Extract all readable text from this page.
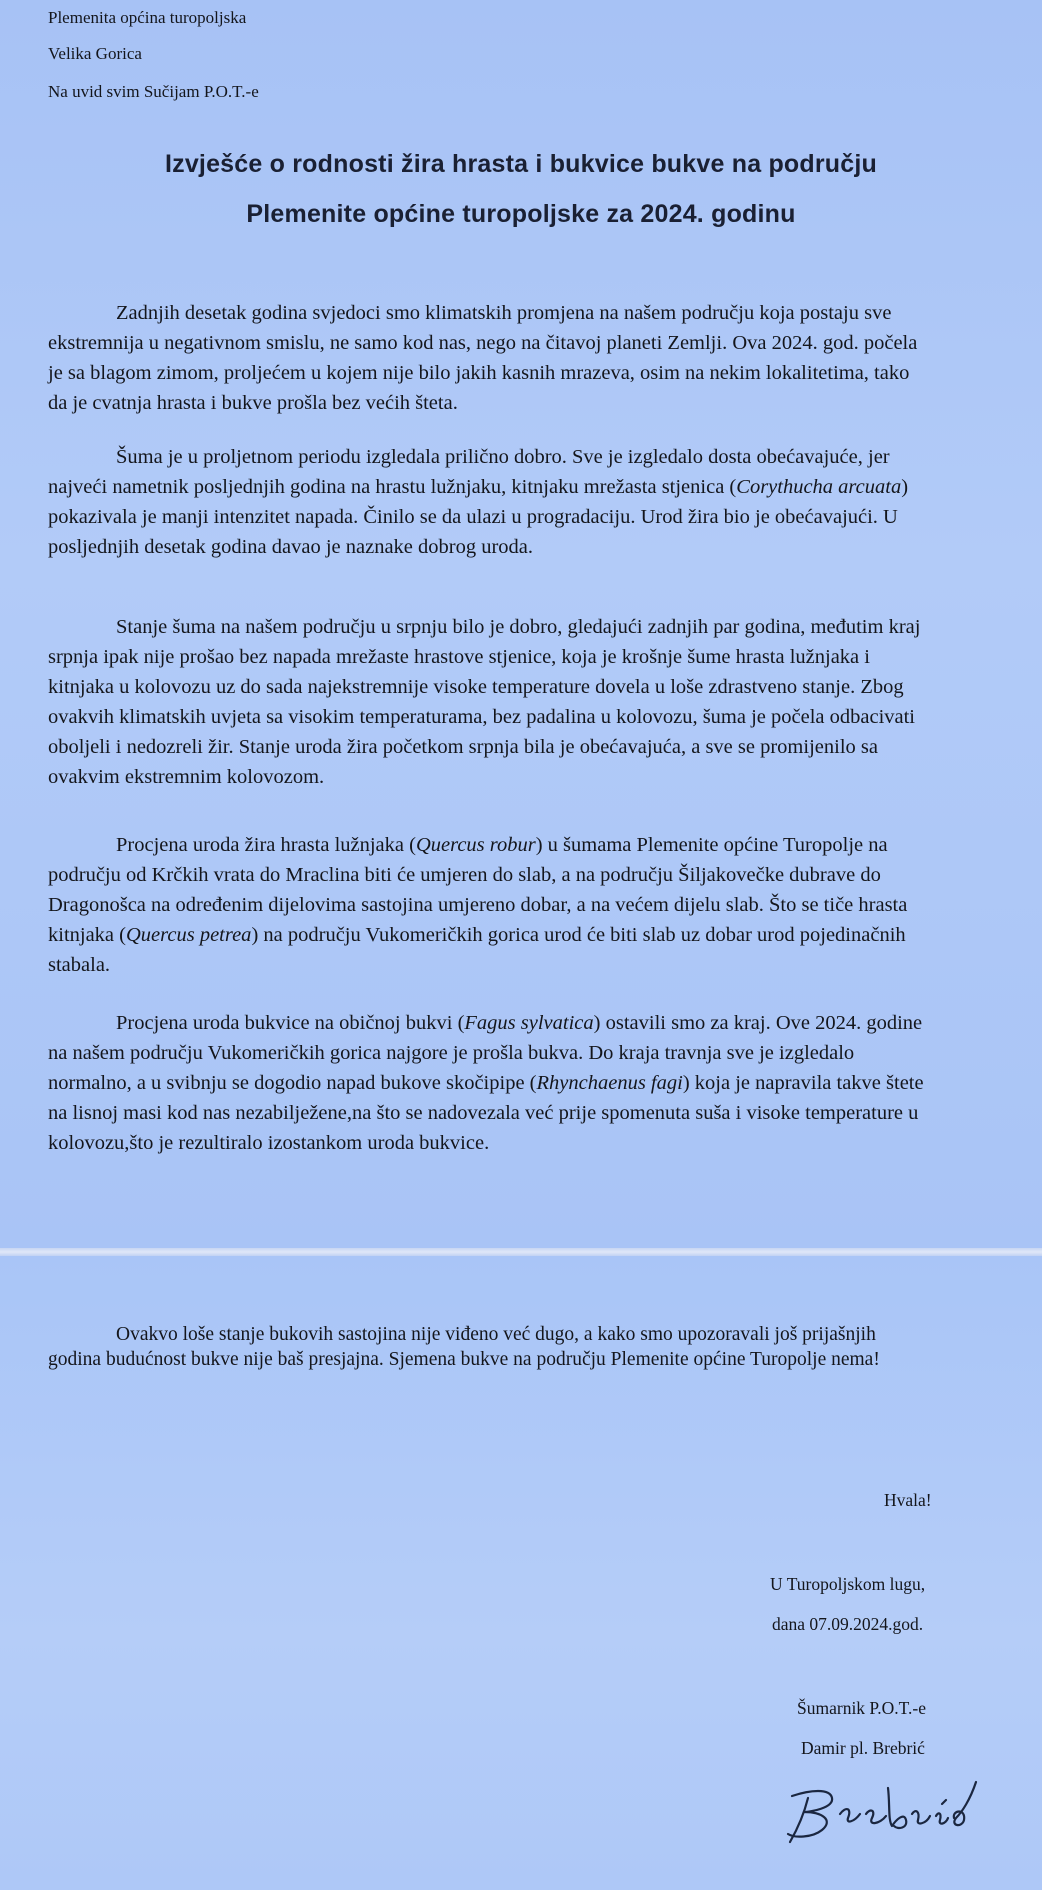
Plemenita općina turopoljska

Velika Gorica

Na uvid svim Sučijam P.O.T.-e

Izvješće o rodnosti žira hrasta i bukvice bukve na području

Plemenite općine turopoljske za 2024. godinu

Zadnjih desetak godina svjedoci smo klimatskih promjena na našem području koja postaju sve ekstremnija u negativnom smislu, ne samo kod nas, nego na čitavoj planeti Zemlji. Ova 2024. god. počela je sa blagom zimom, proljećem u kojem nije bilo jakih kasnih mrazeva, osim na nekim lokalitetima, tako da je cvatnja hrasta i bukve prošla bez većih šteta.

Šuma je u proljetnom periodu izgledala prilično dobro. Sve je izgledalo dosta obećavajuće, jer najveći nametnik posljednjih godina na hrastu lužnjaku, kitnjaku mrežasta stjenica (Corythucha arcuata) pokazivala je manji intenzitet napada. Činilo se da ulazi u progradaciju. Urod žira bio je obećavajući. U posljednjih desetak godina davao je naznake dobrog uroda.

Stanje šuma na našem području u srpnju bilo je dobro, gledajući zadnjih par godina, međutim kraj srpnja ipak nije prošao bez napada mrežaste hrastove stjenice, koja je krošnje šume hrasta lužnjaka i kitnjaka u kolovozu uz do sada najekstremnije visoke temperature dovela u loše zdrastveno stanje. Zbog ovakvih klimatskih uvjeta sa visokim temperaturama, bez padalina u kolovozu, šuma je počela odbacivati oboljeli i nedozreli žir. Stanje uroda žira početkom srpnja bila je obećavajuća, a sve se promijenilo sa ovakvim ekstremnim kolovozom.

Procjena uroda žira hrasta lužnjaka (Quercus robur) u šumama Plemenite općine Turopolje na području od Krčkih vrata do Mraclina biti će umjeren do slab, a na području Šiljakovečke dubrave do Dragonošca na određenim dijelovima sastojina umjereno dobar, a na većem dijelu slab. Što se tiče hrasta kitnjaka (Quercus petrea) na području Vukomeričkih gorica urod će biti slab uz dobar urod pojedinačnih stabala.

Procjena uroda bukvice na običnoj bukvi (Fagus sylvatica) ostavili smo za kraj. Ove 2024. godine na našem području Vukomeričkih gorica najgore je prošla bukva. Do kraja travnja sve je izgledalo normalno, a u svibnju se dogodio napad bukove skočipipe (Rhynchaenus fagi) koja je napravila takve štete na lisnoj masi kod nas nezabilježene,na što se nadovezala već prije spomenuta suša i visoke temperature u kolovozu,što je rezultiralo izostankom uroda bukvice.

Ovakvo loše stanje bukovih sastojina nije viđeno već dugo, a kako smo upozoravali još prijašnjih godina budućnost bukve nije baš presjajna. Sjemena bukve na području Plemenite općine Turopolje nema!

Hvala!

U Turopoljskom lugu,

dana 07.09.2024.god.

Šumarnik P.O.T.-e

Damir pl. Brebrić
